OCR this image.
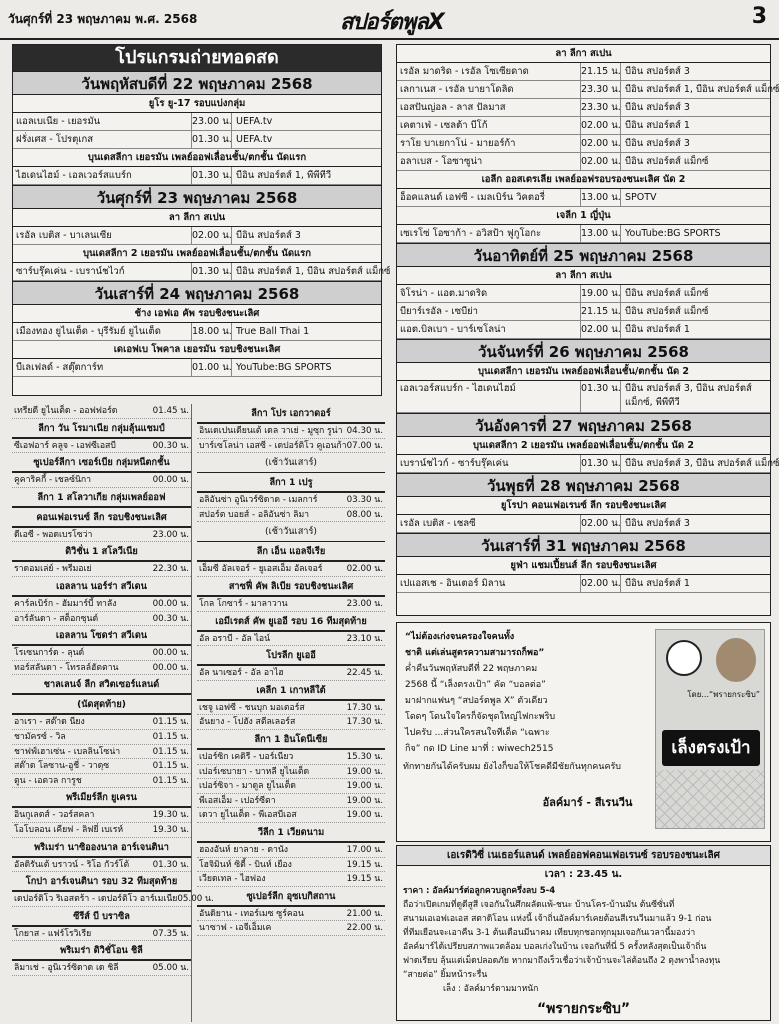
วันศุกร์ที่ 23 พฤษภาคม พ.ศ. 2568	สปอร์ตพูลX	3
โปรแกรมถ่ายทอดสด
วันพฤหัสบดีที่ 22 พฤษภาคม 2568
ยูโร ยู-17 รอบแบ่งกลุ่ม
แอลเบเนีย - เยอรมัน	23.00 น. UEFA.tv
ฝรั่งเศส - โปรตุเกส	01.30 น. UEFA.tv
บุนเดสลีกา เยอรมัน เพลย์ออฟเลื่อนชั้น/ตกชั้น นัดแรก
ไฮเดนไฮม์ - เอลเวอร์สแบร์ก	01.30 น. บีอิน สปอร์ตส์ 1, พีพีทีวี
วันศุกร์ที่ 23 พฤษภาคม 2568
ลา ลีกา สเปน
เรอัล เบติส - บาเลนเซีย	02.00 น. บีอิน สปอร์ตส์ 3
บุนเดสลีกา 2 เยอรมัน เพลย์ออฟเลื่อนชั้น/ตกชั้น นัดแรก
ซาร์บรุ๊คเค่น - เบราน์ชไวก์	01.30 น. บีอิน สปอร์ตส์ 1, บีอิน สปอร์ตส์ แม็กซ์
วันเสาร์ที่ 24 พฤษภาคม 2568
ช้าง เอฟเอ คัพ รอบชิงชนะเลิศ
เมืองทอง ยูไนเต็ด - บุรีรัมย์ ยูไนเต็ด	18.00 น. True Ball Thai 1
เดเอฟเบ โพคาล เยอรมัน รอบชิงชนะเลิศ
บีเลเฟลด์ - สตุ๊ตการ์ท	01.00 น. YouTube:BG SPORTS
ลา ลีกา สเปน
เรอัล มาดริด - เรอัล โซเซียดาด	21.15 น. บีอิน สปอร์ตส์ 3
เลกาเนส - เรอัล บายาโดลิด	23.30 น. บีอิน สปอร์ตส์ 1, บีอิน สปอร์ตส์ แม็กซ์
เอสปันญ่อล - ลาส ปัลมาส	23.30 น. บีอิน สปอร์ตส์ 3
เคตาเฟ่ - เซลต้า บีโก้	02.00 น. บีอิน สปอร์ตส์ 1
ราโย บาเยกาโน่ - มายอร์ก้า	02.00 น. บีอิน สปอร์ตส์ 3
อลาเบส - โอซาซูน่า	02.00 น. บีอิน สปอร์ตส์ แม็กซ์
เอลีก ออสเตรเลีย เพลย์ออฟรอบรองชนะเลิศ นัด 2
อ็อคแลนด์ เอฟซี - เมลเบิร์น วิคตอรี่	13.00 น. SPOTV
เจลีก 1 ญี่ปุ่น
เซเรโซ่ โอซาก้า - อวิสป้า ฟูกูโอกะ	13.00 น. YouTube:BG SPORTS
วันอาทิตย์ที่ 25 พฤษภาคม 2568
ลา ลีกา สเปน
จิโรน่า - แอต.มาดริด	19.00 น. บีอิน สปอร์ตส์ แม็กซ์
บียาร์เรอัล - เซบีย่า	21.15 น. บีอิน สปอร์ตส์ แม็กซ์
แอต.บิลเบา - บาร์เซโลน่า	02.00 น. บีอิน สปอร์ตส์ 1
วันจันทร์ที่ 26 พฤษภาคม 2568
บุนเดสลีกา เยอรมัน เพลย์ออฟเลื่อนชั้น/ตกชั้น นัด 2
เอลเวอร์สแบร์ก - ไฮเดนไฮม์	01.30 น. บีอิน สปอร์ตส์ 3, บีอิน สปอร์ตส์ แม็กซ์, พีพีทีวี
วันอังคารที่ 27 พฤษภาคม 2568
บุนเดสลีกา 2 เยอรมัน เพลย์ออฟเลื่อนชั้น/ตกชั้น นัด 2
เบราน์ชไวก์ - ซาร์บรุ๊คเค่น	01.30 น. บีอิน สปอร์ตส์ 3, บีอิน สปอร์ตส์ แม็กซ์
วันพุธที่ 28 พฤษภาคม 2568
ยูโรปา คอนเฟอเรนซ์ ลีก รอบชิงชนะเลิศ
เรอัล เบติส - เชลซี	02.00 น. บีอิน สปอร์ตส์ 3
วันเสาร์ที่ 31 พฤษภาคม 2568
ยูฟ่า แชมเปี้ยนส์ ลีก รอบชิงชนะเลิศ
เปแอสเช - อินเตอร์ มิลาน	02.00 น. บีอิน สปอร์ตส์ 1
เทรียดี ยูไนเต็ด - ออฟฟอร์ด	01.45 น.
ลีกา วัน โรมาเนีย กลุ่มลุ้นแชมป์
ซีเอฟอาร์ คลูจ - เอฟซีเอสบี	00.30 น.
ซูเปอร์ลีกา เซอร์เบีย กลุ่มหนีตกชั้น
คูคาริคกี้ - เชลซ์นิกา	00.00 น.
ลีกา 1 สโลวาเกีย กลุ่มเพลย์ออฟ
คอนเฟอเรนซ์ ลีก รอบชิงชนะเลิศ
ดีเอซี - พอดเบรโซว่า	23.00 น.
ดิวิชั่น 1 สโลวีเนีย
ราดอมเล่ย์ - พรีมอเย่	22.30 น.
เอลลาน นอร์ร่า สวีเดน
คาร์ลเบิร์ก - ฮัมมาร์บี้ ทาลัง	00.00 น.
อาร์ลันดา - สต็อกซุนด์	00.30 น.
เอลลาน โซดร่า สวีเดน
โรเซนการ์ด - ลุนด์	00.00 น.
ทอร์สลันดา - โทรลล์ฮัตตาน	00.00 น.
ชาลเลนจ์ ลีก สวิตเซอร์แลนด์
(นัดสุดท้าย)
อาเรา - สต๊าด นียง	01.15 น.
ชามัครซ์ - วิล	01.15 น.
ชาฟฟ์เฮาเซ่น - เบลลินโซน่า	01.15 น.
สต๊าด โลซาน-อูชี่ - วาดุซ	01.15 น.
ตูน - เอตวล การูช	01.15 น.
พรีเมียร์ลีก ยูเครน
อินกูเลตส์ - วอร์สคลา	19.30 น.
โอโบลอน เคียฟ - ลิฟยี่ เบเรห์	19.30 น.
พริเมร่า นาซิอองนาล อาร์เจนตินา
อัลดิรันเต้ บราวน์ - ริโอ กัวร์โต้	01.30 น.
โกปา อาร์เจนตินา รอบ 32 ทีมสุดท้าย
เดปอร์ติโว ริเอสตร้า - เดปอร์ติโว อาร์เมเนีย 05.00 น.
ซีรีส์ บี บราซิล
โกยาส - แฟร์โรวิเรีย	07.35 น.
พริเมร่า ดิวิชั่โอน ชิลี
ลิมาเช่ - อูนิเวร์ซิดาด เด ชิลี	05.00 น.
ลีกา โปร เอกวาดอร์
อินเดเปนเดียนเต้ เดล วาเย่ - มูซุก รูน่า 04.30 น.
บาร์เซโลน่า เอสซี - เดปอร์ติโว คูเอนก้า 07.00 น.
(เช้าวันเสาร์)
ลีกา 1 เปรู
อลิอันซ่า อูนิเวร์ซิดาด - เมลการ์	03.30 น.
สปอร์ต บอยส์ - อลิอันซ่า ลิมา	08.00 น.
(เช้าวันเสาร์)
ลีก เอ็น แอลจีเรีย
เอ็มซี อัลเจอร์ - ยูเอสเอ็ม อัลเจอร์	02.00 น.
สาซฟี่ คัพ ลิเบีย รอบชิงชนะเลิศ
โกล โกซาร์ - มาลาวาน	23.00 น.
เอมีเรตส์ คัพ ยูเออี รอบ 16 ทีมสุดท้าย
อัล อราบี - อัล ไอน์	23.10 น.
โปรลีก ยูเออี
อัล นาเซอร์ - อัล อาไฮ	22.45 น.
เคลีก 1 เกาหลีใต้
เชจู เอฟซี - ชนบุก มอเตอร์ส	17.30 น.
อันยาง - โปฮัง สตีลเลอร์ส	17.30 น.
ลีกา 1 อินโดนีเซีย
เปอร์ซิก เคดิรี - บอร์เนียว	15.30 น.
เปอร์เซบายา - บาหลี ยูไนเต็ด	19.00 น.
เปอร์ซิจา - มาดูล ยูไนเต็ด	19.00 น.
พีเอสเอ็ม - เปอร์ซีตา	19.00 น.
เดวา ยูไนเต็ด - พีเอสบีเอส	19.00 น.
วีลีก 1 เวียดนาม
ฮองอันห์ ยาลาย - ดานัง	17.00 น.
โฮจิมินห์ ซิตี้ - บินห์ เยือง	19.15 น.
เวียดเทล - ไฮฟอง	19.15 น.
ซูเปอร์ลีก อุซเบกิสถาน
อันดิยาน - เทอร์เมซ ซูร์คอน	21.00 น.
นาซาฟ - เอจีเอ็มเค	22.00 น.
“ไม่ต้องเก่งจนครองใจคนทั้ง
ชาติ แต่เล่นสูตรความสามารถก็พอ”
ค่ำคืนวันพฤหัสบดีที่ 22 พฤษภาคม
2568 นี้ “เล็งตรงเป้า” คัด “บอลต่อ”
มาฝากแฟนๆ “สปอร์ตพูล X” ตัวเดียว
โดดๆ โดนใจใครก็จัดชุดใหญ่ไฟกะพริบ
ไปครับ ...ส่วนใครสนใจทีเด็ด “เฉพาะ
กิจ” กด ID Line มาที่ : wiwech2515
โดย...“พรายกระซิบ”
เล็งตรงเป้า
ทักทายกันได้ครับผม ยังไงก็ขอให้โชคดีมีชัยกันทุกคนครับ
อัลค์มาร์ - สีเรนวีน
เอเรดิวิซี่ เนเธอร์แลนด์ เพลย์ออฟคอนเฟอเรนซ์ รอบรองชนะเลิศ
เวลา : 23.45 น.
ราคา : อัลค์มาร์ต่อลูกควบลูกครึ่งลบ 5-4
ถือว่าเปิดเกมที่ดูดีสูสี เจอกันในศึกผลัดแพ้-ชนะ บ้านโคร-บ้านมัน ต้นซีซั่นที่
สนามเอเอฟเอเอส สตาดิโอน แห่งนี้ เจ้าถิ่นอัลค์มาร์เคยต้อนสีเรนวีนมาแล้ว 9-1 ก่อน
ที่ทีมเยือนจะเอาคืน 3-1 ต้นเดือนมีนาคม เทียบทุกชอกทุกมุมเจอกันเวลานี้มองว่า
อัลค์มาร์ได้เปรียบสภาพแวดล้อม บอลเก่งในบ้าน เจอกันที่นี่ 5 ครั้งหลังสุดเป็นเจ้าถิ่น
ฟาดเรียบ ลุ้นแต่เม็ดปลอดภัย หากมาถึงเร็วเชื่อว่าเจ้าบ้านจะไล่ต้อนถึง 2 ตุงพาน้ำลงทุน
“สายต่อ” ยิ้มหน้าระรื่น
เล็ง : อัลค์มาร์ตามมาหนัก
“พรายกระซิบ”
